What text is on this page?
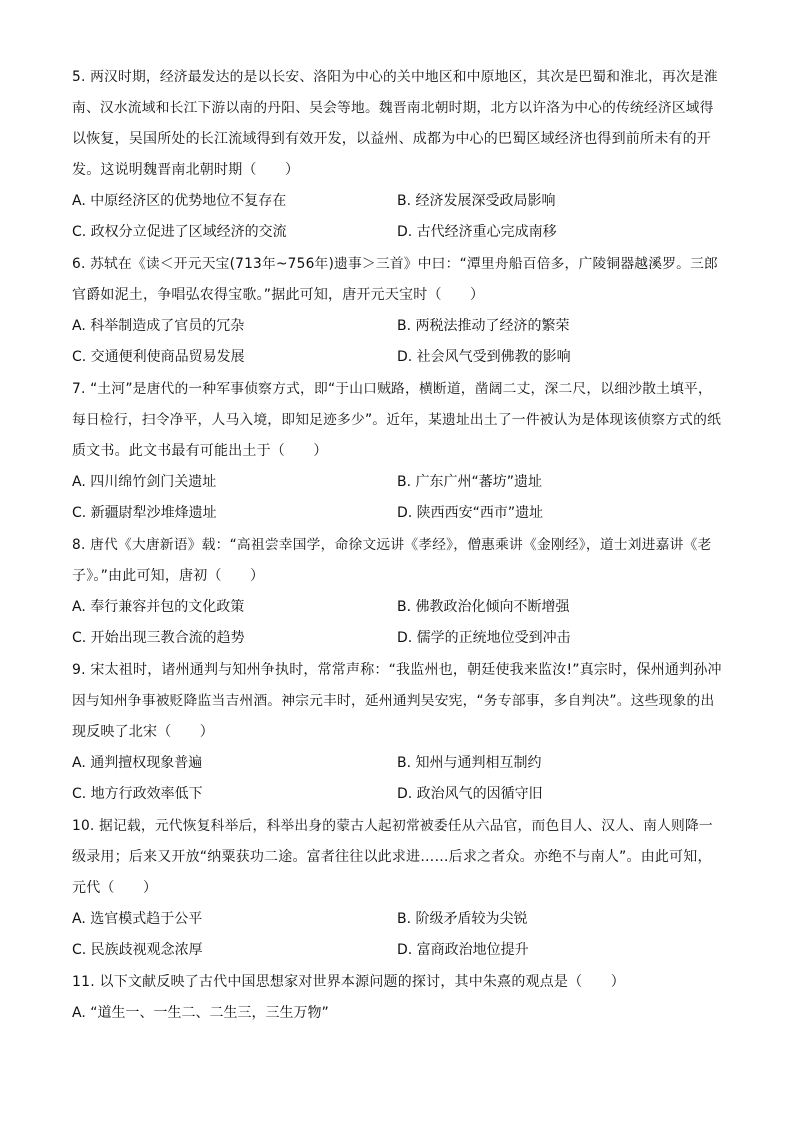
5. 两汉时期，经济最发达的是以长安、洛阳为中心的关中地区和中原地区，其次是巴蜀和淮北，再次是淮
南、汉水流域和长江下游以南的丹阳、吴会等地。魏晋南北朝时期，北方以许洛为中心的传统经济区域得
以恢复，吴国所处的长江流域得到有效开发，以益州、成都为中心的巴蜀区域经济也得到前所未有的开
发。这说明魏晋南北朝时期（　　）
A. 中原经济区的优势地位不复存在	B. 经济发展深受政局影响
C. 政权分立促进了区域经济的交流	D. 古代经济重心完成南移
6. 苏轼在《读＜开元天宝(713年~756年)遗事＞三首》中曰：“潭里舟船百倍多，广陵铜器越溪罗。三郎
官爵如泥土，争唱弘农得宝歌。”据此可知，唐开元天宝时（　　）
A. 科举制造成了官员的冗杂	B. 两税法推动了经济的繁荣
C. 交通便利使商品贸易发展	D. 社会风气受到佛教的影响
7. “土河”是唐代的一种军事侦察方式，即“于山口贼路，横断道，凿阔二丈，深二尺，以细沙散土填平，
每日检行，扫令净平，人马入境，即知足迹多少”。近年，某遗址出土了一件被认为是体现该侦察方式的纸
质文书。此文书最有可能出土于（　　）
A. 四川绵竹剑门关遗址	B. 广东广州“蕃坊”遗址
C. 新疆尉犁沙堆烽遗址	D. 陕西西安“西市”遗址
8. 唐代《大唐新语》载：“高祖尝幸国学，命徐文远讲《孝经》，僧惠乘讲《金刚经》，道士刘进嘉讲《老
子》。”由此可知，唐初（　　）
A. 奉行兼容并包的文化政策	B. 佛教政治化倾向不断增强
C. 开始出现三教合流的趋势	D. 儒学的正统地位受到冲击
9. 宋太祖时，诸州通判与知州争执时，常常声称：“我监州也，朝廷使我来监汝!”真宗时，保州通判孙冲
因与知州争事被贬降监当吉州酒。神宗元丰时，延州通判吴安宪，“务专部事，多自判决”。这些现象的出
现反映了北宋（　　）
A. 通判擅权现象普遍	B. 知州与通判相互制约
C. 地方行政效率低下	D. 政治风气的因循守旧
10. 据记载，元代恢复科举后，科举出身的蒙古人起初常被委任从六品官，而色目人、汉人、南人则降一
级录用；后来又开放“纳粟获功二途。富者往往以此求进……后求之者众。亦绝不与南人”。由此可知，
元代（　　）
A. 选官模式趋于公平	B. 阶级矛盾较为尖锐
C. 民族歧视观念浓厚	D. 富商政治地位提升
11. 以下文献反映了古代中国思想家对世界本源问题的探讨，其中朱熹的观点是（　　）
A. “道生一、一生二、二生三，三生万物”
